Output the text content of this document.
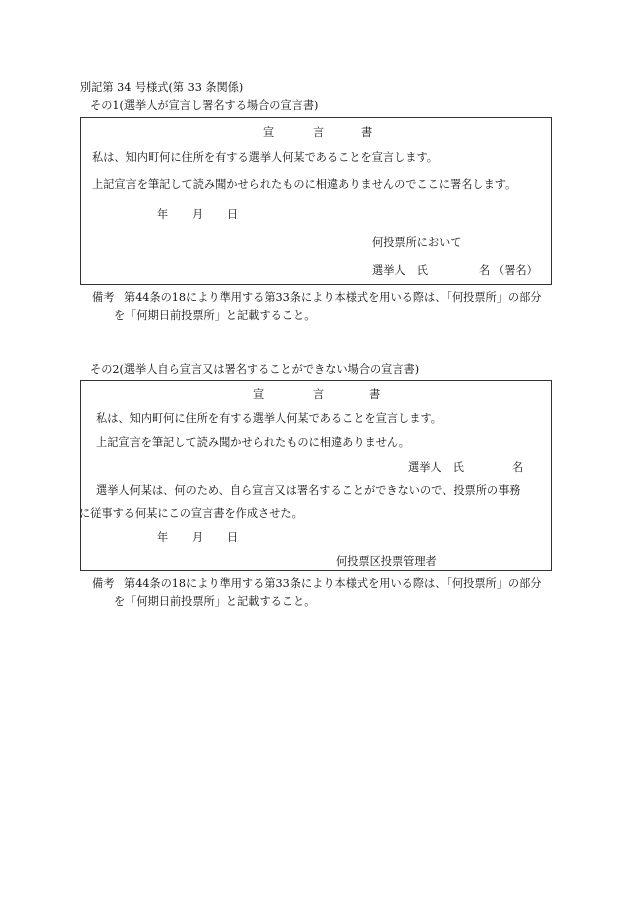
別記第 34 号様式(第 33 条関係)
その1(選挙人が宣言し署名する場合の宣言書)
宣	言	書
私は、知内町何に住所を有する選挙人何某であることを宣言します。
上記宣言を筆記して読み聞かせられたものに相違ありませんのでここに署名します。
年 月 日
何投票所において
選挙人　氏	名 （署名）
備考 第44条の18により準用する第33条により本様式を用いる際は、「何投票所」の部分
を「何期日前投票所」と記載すること。
その2(選挙人自ら宣言又は署名することができない場合の宣言書)
宣	言	書
私は、知内町何に住所を有する選挙人何某であることを宣言します。
上記宣言を筆記して読み聞かせられたものに相違ありません。
選挙人　氏	名
選挙人何某は、何のため、自ら宣言又は署名することができないので、投票所の事務
に従事する何某にこの宣言書を作成させた。
年 月 日
何投票区投票管理者
備考 第44条の18により準用する第33条により本様式を用いる際は、「何投票所」の部分
を「何期日前投票所」と記載すること。
